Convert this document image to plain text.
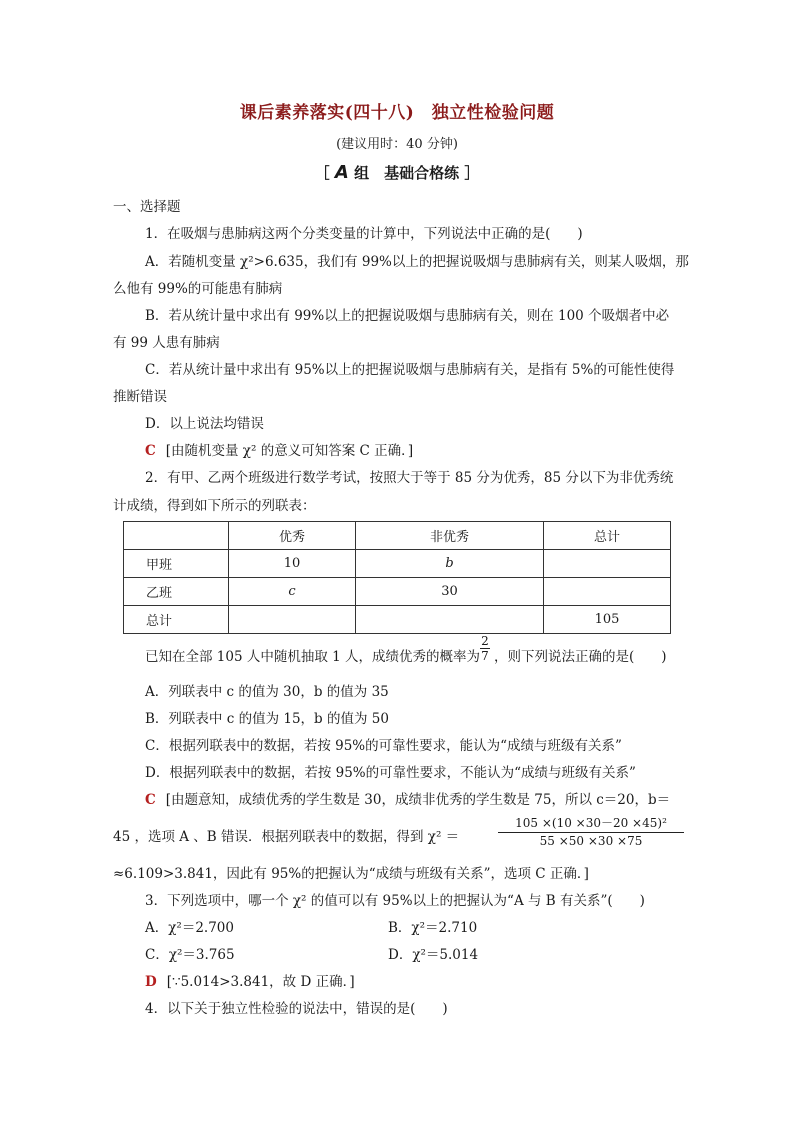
课后素养落实(四十八)　独立性检验问题
(建议用时：40 分钟)
［ A 组　基础合格练 ］
一、选择题
1．在吸烟与患肺病这两个分类变量的计算中，下列说法中正确的是(　　)
A．若随机变量 χ²>6.635，我们有 99%以上的把握说吸烟与患肺病有关，则某人吸烟，那
么他有 99%的可能患有肺病
B．若从统计量中求出有 99%以上的把握说吸烟与患肺病有关，则在 100 个吸烟者中必
有 99 人患有肺病
C．若从统计量中求出有 95%以上的把握说吸烟与患肺病有关，是指有 5%的可能性使得
推断错误
D．以上说法均错误
C [由随机变量 χ² 的意义可知答案 C 正确．]
2．有甲、乙两个班级进行数学考试，按照大于等于 85 分为优秀，85 分以下为非优秀统
计成绩，得到如下所示的列联表：
	优秀	非优秀	总计
甲班	10	b	
乙班	c	30	
总计			105
已知在全部 105 人中随机抽取 1 人，成绩优秀的概率为 ，则下列说法正确的是(　　)
$\frac{2}{7}$
A．列联表中 c 的值为 30，b 的值为 35
B．列联表中 c 的值为 15，b 的值为 50
C．根据列联表中的数据，若按 95%的可靠性要求，能认为“成绩与班级有关系”
D．根据列联表中的数据，若按 95%的可靠性要求，不能认为“成绩与班级有关系”
C [由题意知，成绩优秀的学生数是 30，成绩非优秀的学生数是 75，所以 c＝20，b＝
45 ，选项 A 、B 错误．根据列联表中的数据，得到 χ² ＝	$\frac{\text{105 ×(10 ×30－20 ×45)²}}{55 \times 50 \times 30 \times 75}$
≈6.109>3.841，因此有 95%的把握认为“成绩与班级有关系”，选项 C 正确．]
3．下列选项中，哪一个 χ² 的值可以有 95%以上的把握认为“A 与 B 有关系”(　　)
A．χ²＝2.700	B．χ²＝2.710
C．χ²＝3.765	D．χ²＝5.014
D [∵5.014>3.841，故 D 正确．]
4．以下关于独立性检验的说法中，错误的是(　　)
